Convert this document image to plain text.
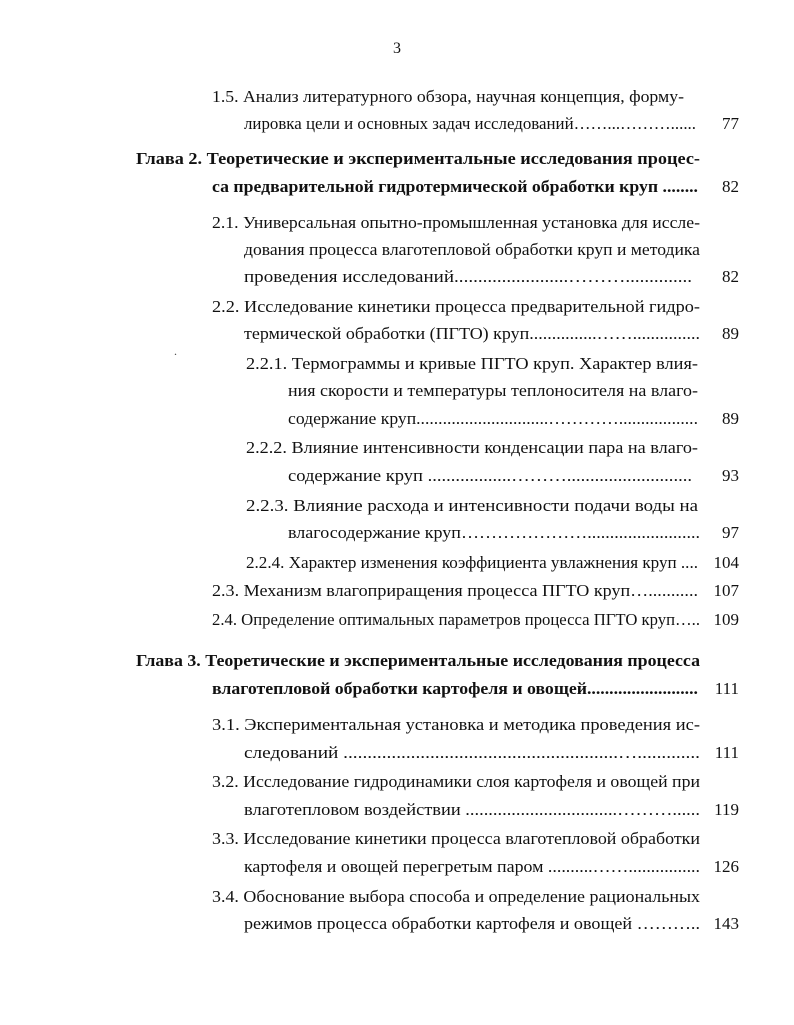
3
.
1.5. Анализ литературного обзора, научная концепция, форму-
лировка цели и основных задач исследований……...………...... 77
Глава 2. Теоретические и экспериментальные исследования процес-
са предварительной гидротермической обработки круп ........ 82
2.1. Универсальная опытно-промышленная установка для иссле-
дования процесса влаготепловой обработки круп и методика
проведения исследований........................……….............. 82
2.2. Исследование кинетики процесса предварительной гидро-
термической обработки (ПГТО) круп...............……............... 89
2.2.1. Термограммы и кривые ПГТО круп. Характер влия-
ния скорости и температуры теплоносителя на влаго-
содержание круп..............................………….................. 89
2.2.2. Влияние интенсивности конденсации пара на влаго-
содержание круп ..................………........................... 93
2.2.3. Влияние расхода и интенсивности подачи воды на
влагосодержание круп…………………......................... 97
2.2.4. Характер изменения коэффициента увлажнения круп .... 104
2.3. Механизм влагоприращения процесса ПГТО круп…........... 107
2.4. Определение оптимальных параметров процесса ПГТО круп….. 109
Глава 3. Теоретические и экспериментальные исследования процесса
влаготепловой обработки картофеля и овощей......................... 111
3.1. Экспериментальная установка и методика проведения ис-
следований .........................................................…............. 111
3.2. Исследование гидродинамики слоя картофеля и овощей при
влаготепловом воздействии .................................………...... 119
3.3. Исследование кинетики процесса влаготепловой обработки
картофеля и овощей перегретым паром ..........……................ 126
3.4. Обоснование выбора способа и определение рациональных
режимов процесса обработки картофеля и овощей ……….. 143
